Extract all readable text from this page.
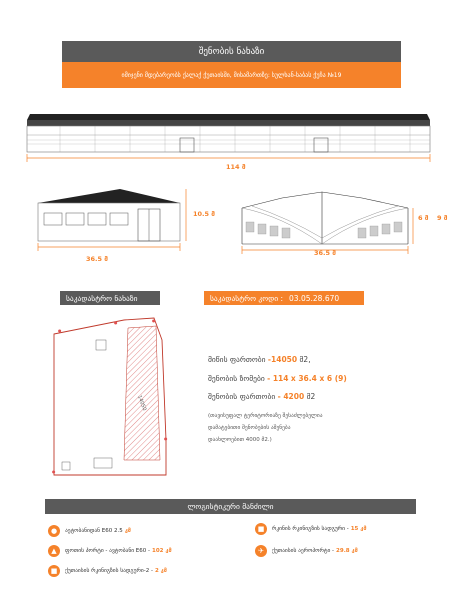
შენობის ნახაზი
იმიჯენი მდებარეობს ქალაქ ქუთაისში, მისამართზე: სულხან-საბას ქუჩა №19
114 მ
10.5 მ
36.5 მ
6 მ 9 მ
36.5 მ
საკადასტრო ნახაზი	საკადასტრო კოდი : 03.05.28.670
●
●	●
●
●
14050
მიწის ფართობი -14050 მ2,
შენობის ზომები - 114 x 36.4 x 6 (9)
შენობის ფართობი - 4200 მ2
(თავისუფალ ტერიტორიაზე შესაძლებელია დამატებითი შენობების აშენება დაახლოებით 4000 მ2.)
ლოგისტიკური მანძილი
●	აეტობანიდან E60 2.5 კმ	■	რკინის რკინიგზის სადგური - 15 კმ
▲	ფოთის პორტი - ავტობანი E60 - 102 კმ	✈	ქუთაისის აეროპორტი - 29.8 კმ
■	ქუთაისის რკინიგზის სადგური-2 - 2 კმ
